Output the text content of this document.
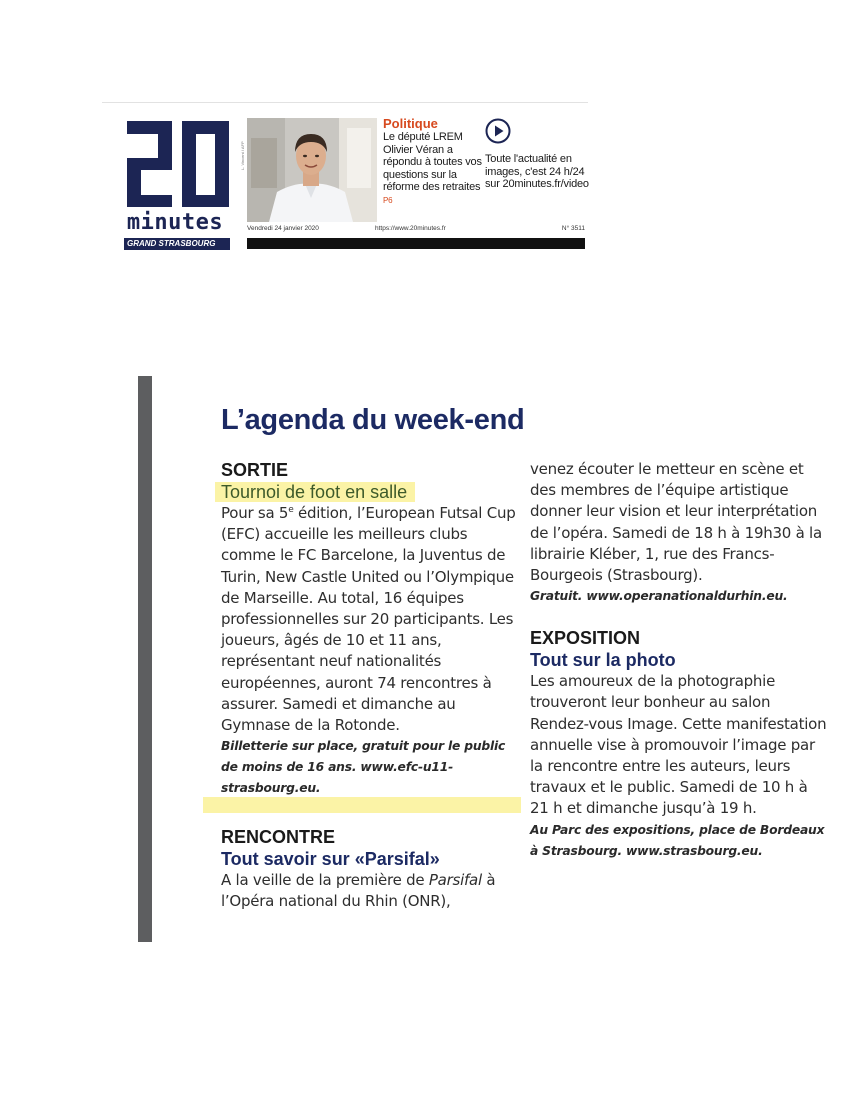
minutes
GRAND STRASBOURG
L. Vincent / AFP
Politique
Le député LREM Olivier Véran a répondu à toutes vos questions sur la réforme des retraites P6
Toute l'actualité en images, c'est 24 h/24 sur 20minutes.fr/video
Vendredi 24 janvier 2020	https://www.20minutes.fr	N° 3511
L’agenda du week-end
SORTIE
Tournoi de foot en salle
Pour sa 5e édition, l’European Futsal Cup (EFC) accueille les meilleurs clubs comme le FC Barcelone, la Juventus de Turin, New Castle United ou l’Olympique de Marseille. Au total, 16 équipes professionnelles sur 20 participants. Les joueurs, âgés de 10 et 11 ans, représentant neuf nationalités européennes, auront 74 rencontres à assurer. Samedi et dimanche au Gymnase de la Rotonde.
Billetterie sur place, gratuit pour le public de moins de 16 ans. www.efc-u11-strasbourg.eu.
RENCONTRE
Tout savoir sur «Parsifal»
A la veille de la première de Parsifal à l’Opéra national du Rhin (ONR),
venez écouter le metteur en scène et des membres de l’équipe artistique donner leur vision et leur interprétation de l’opéra. Samedi de 18 h à 19h30 à la librairie Kléber, 1, rue des Francs-Bourgeois (Strasbourg).
Gratuit. www.operanationaldurhin.eu.
EXPOSITION
Tout sur la photo
Les amoureux de la photographie trouveront leur bonheur au salon Rendez-vous Image. Cette manifestation annuelle vise à promouvoir l’image par la rencontre entre les auteurs, leurs travaux et le public. Samedi de 10 h à 21 h et dimanche jusqu’à 19 h.
Au Parc des expositions, place de Bordeaux à Strasbourg. www.strasbourg.eu.
